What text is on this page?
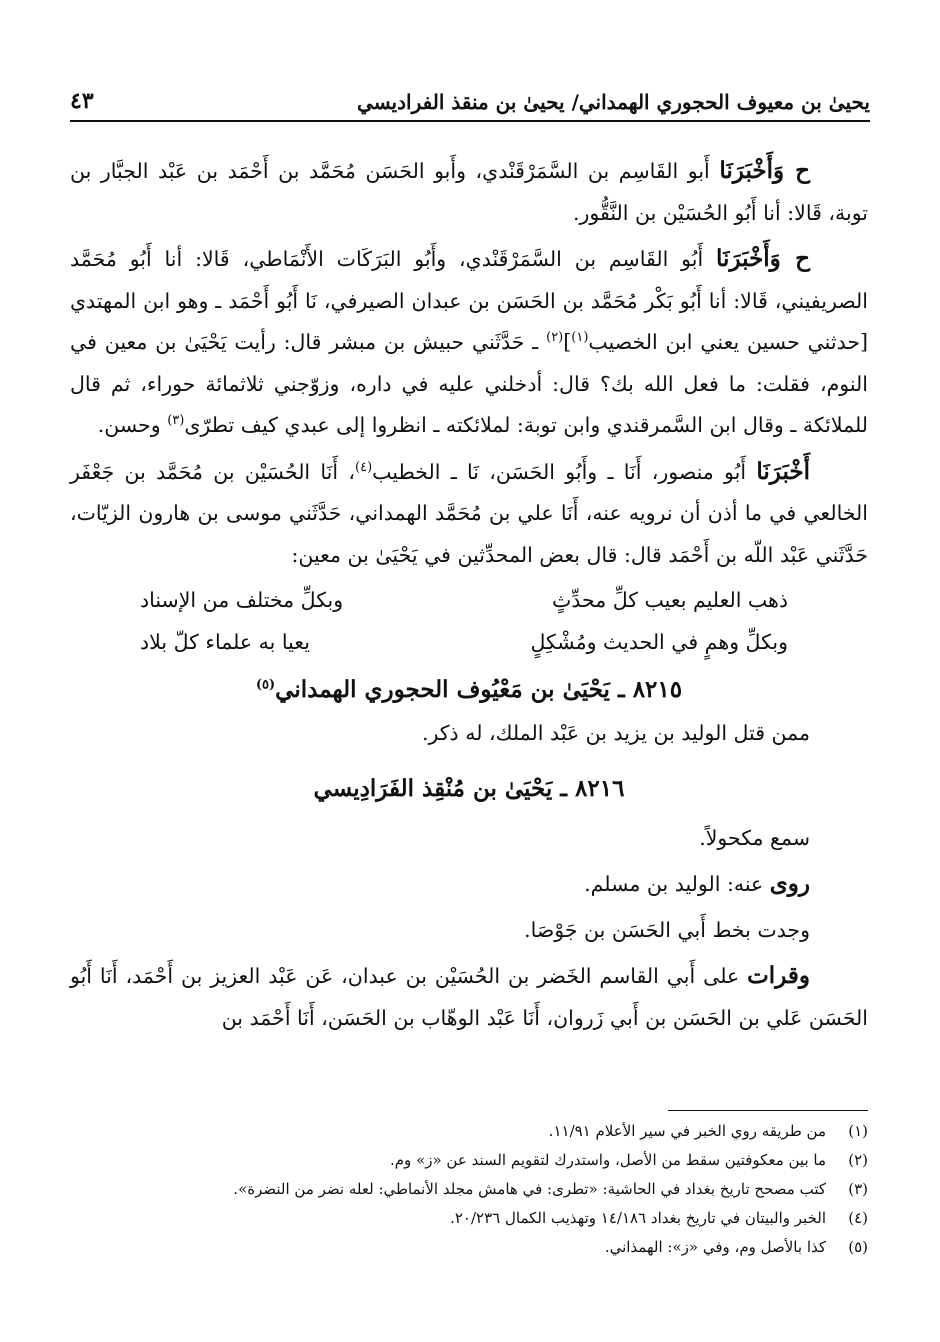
يحيىٰ بن معيوف الحجوري الهمداني/ يحيىٰ بن منقذ الفراديسي
٤٣

ح وَأَخْبَرَنَا أَبو القَاسِم بن السَّمَرْقَنْدي، وأَبو الحَسَن مُحَمَّد بن أَحْمَد بن عَبْد الجبَّار بن توبة، قَالا: أنا أَبُو الحُسَيْن بن النَّقُّور.

ح وَأَخْبَرَنَا أَبُو القَاسِم بن السَّمَرْقَنْدي، وأَبُو البَرَكَات الأَنْمَاطي، قَالا: أنا أَبُو مُحَمَّد الصريفيني، قَالا: أنا أَبُو بَكْر مُحَمَّد بن الحَسَن بن عبدان الصيرفي، نَا أَبُو أَحْمَد ـ وهو ابن المهتدي [حدثني حسين يعني ابن الخصيب$^{(١)}$]$^{(٢)}$ ـ حَدَّثَني حبيش بن مبشر قال: رأيت يَحْيَىٰ بن معين في النوم، فقلت: ما فعل الله بك؟ قال: أدخلني عليه في داره، وزوّجني ثلاثمائة حوراء، ثم قال للملائكة ـ وقال ابن السَّمرقندي وابن توبة: لملائكته ـ انظروا إلى عبدي كيف تطرّى$^{(٣)}$ وحسن.

أَخْبَرَنَا أَبُو منصور، أَنَا ـ وأَبُو الحَسَن، نَا ـ الخطيب$^{(٤)}$، أَنَا الحُسَيْن بن مُحَمَّد بن جَعْفَر الخالعي في ما أذن أن نرويه عنه، أَنَا علي بن مُحَمَّد الهمداني، حَدَّثَني موسى بن هارون الزيّات، حَدَّثَني عَبْد اللّه بن أَحْمَد قال: قال بعض المحدِّثين في يَحْيَىٰ بن معين:

ذهب العليم بعيب كلِّ محدِّثٍ
وبكلِّ مختلف من الإسناد
وبكلِّ وهمٍ في الحديث ومُشْكِلٍ
يعيا به علماء كلّ بلاد
٨٢١٥ ـ يَحْيَىٰ بن مَعْيُوف الحجوري الهمداني$^{(٥)}$

ممن قتل الوليد بن يزيد بن عَبْد الملك، له ذكر.

٨٢١٦ ـ يَحْيَىٰ بن مُنْقِذ الفَرَادِيسي

سمع مكحولاً.

روى عنه: الوليد بن مسلم.

وجدت بخط أَبي الحَسَن بن جَوْصَا.

وقرات على أَبي القاسم الخَضر بن الحُسَيْن بن عبدان، عَن عَبْد العزيز بن أَحْمَد، أَنَا أَبُو الحَسَن عَلي بن الحَسَن بن أَبي زَروان، أَنَا عَبْد الوهّاب بن الحَسَن، أَنَا أَحْمَد بن

(١)
من طريقه روي الخبر في سير الأعلام ١١/٩١.
(٢)
ما بين معكوفتين سقط من الأصل، واستدرك لتقويم السند عن «ز» وم.
(٣)
كتب مصحح تاريخ بغداد في الحاشية: «تطرى: في هامش مجلد الأنماطي: لعله نضر من النضرة».
(٤)
الخبر والبيتان في تاريخ بغداد ١٤/١٨٦ وتهذيب الكمال ٢٠/٢٣٦.
(٥)
كذا بالأصل وم، وفي «ز»: الهمذاني.
